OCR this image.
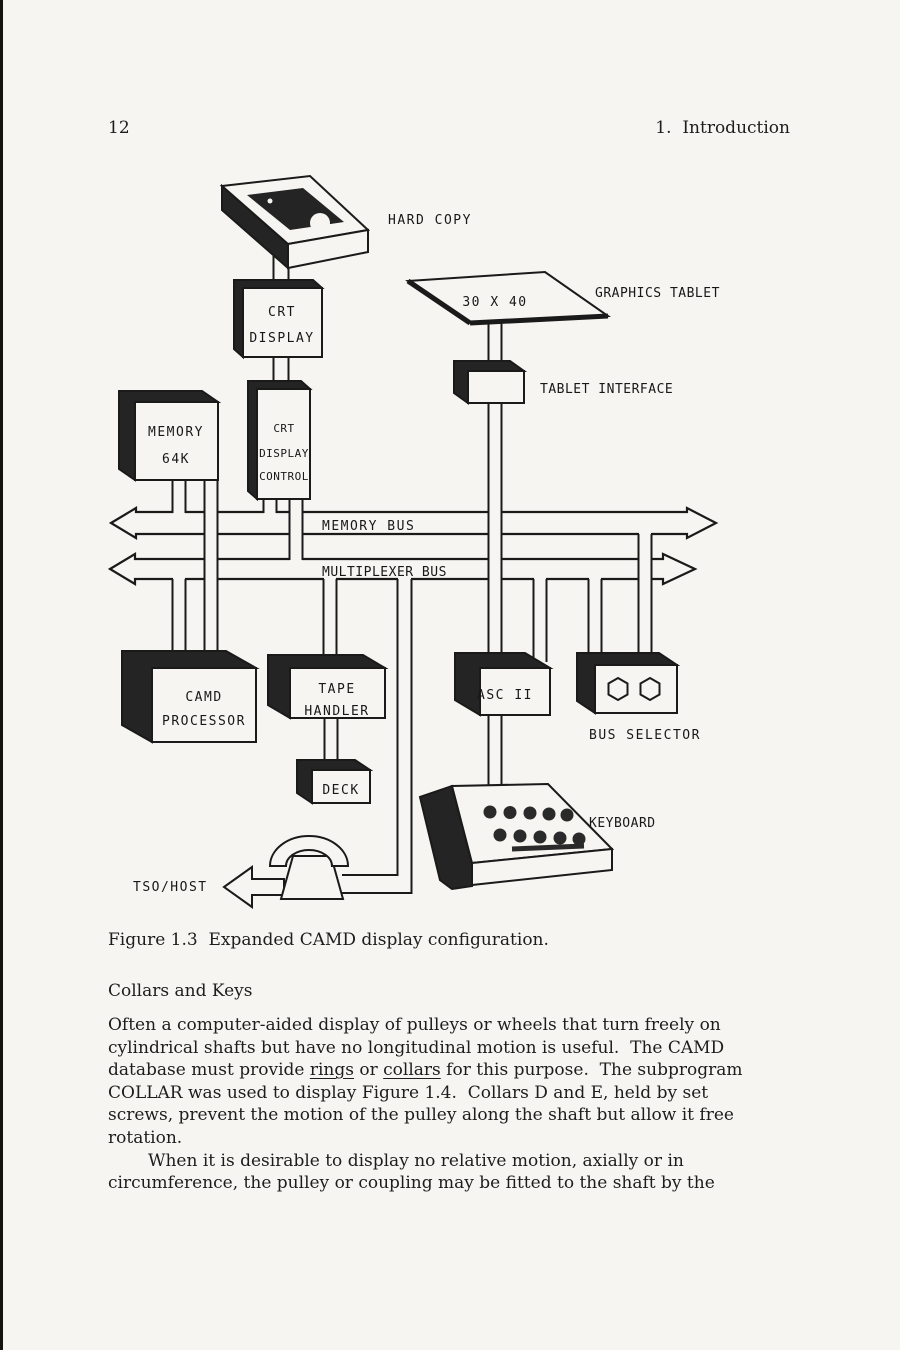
12	1.  Introduction
MEMORY BUS
MULTIPLEXER BUS
HARD COPY
30 X 40
GRAPHICS TABLET
TABLET INTERFACE
MEMORY
64K
CRT
DISPLAY
CRT
DISPLAY
CONTROL
CAMD
PROCESSOR
TAPE
HANDLER
DECK
ASC II
BUS SELECTOR
KEYBOARD
TSO/HOST
Figure 1.3  Expanded CAMD display configuration.
Collars and Keys
Often a computer-aided display of pulleys or wheels that turn freely on
cylindrical shafts but have no longitudinal motion is useful.  The CAMD
database must provide rings or collars for this purpose.  The subprogram
COLLAR was used to display Figure 1.4.  Collars D and E, held by set
screws, prevent the motion of the pulley along the shaft but allow it free
rotation.
When it is desirable to display no relative motion, axially or in
circumference, the pulley or coupling may be fitted to the shaft by the
